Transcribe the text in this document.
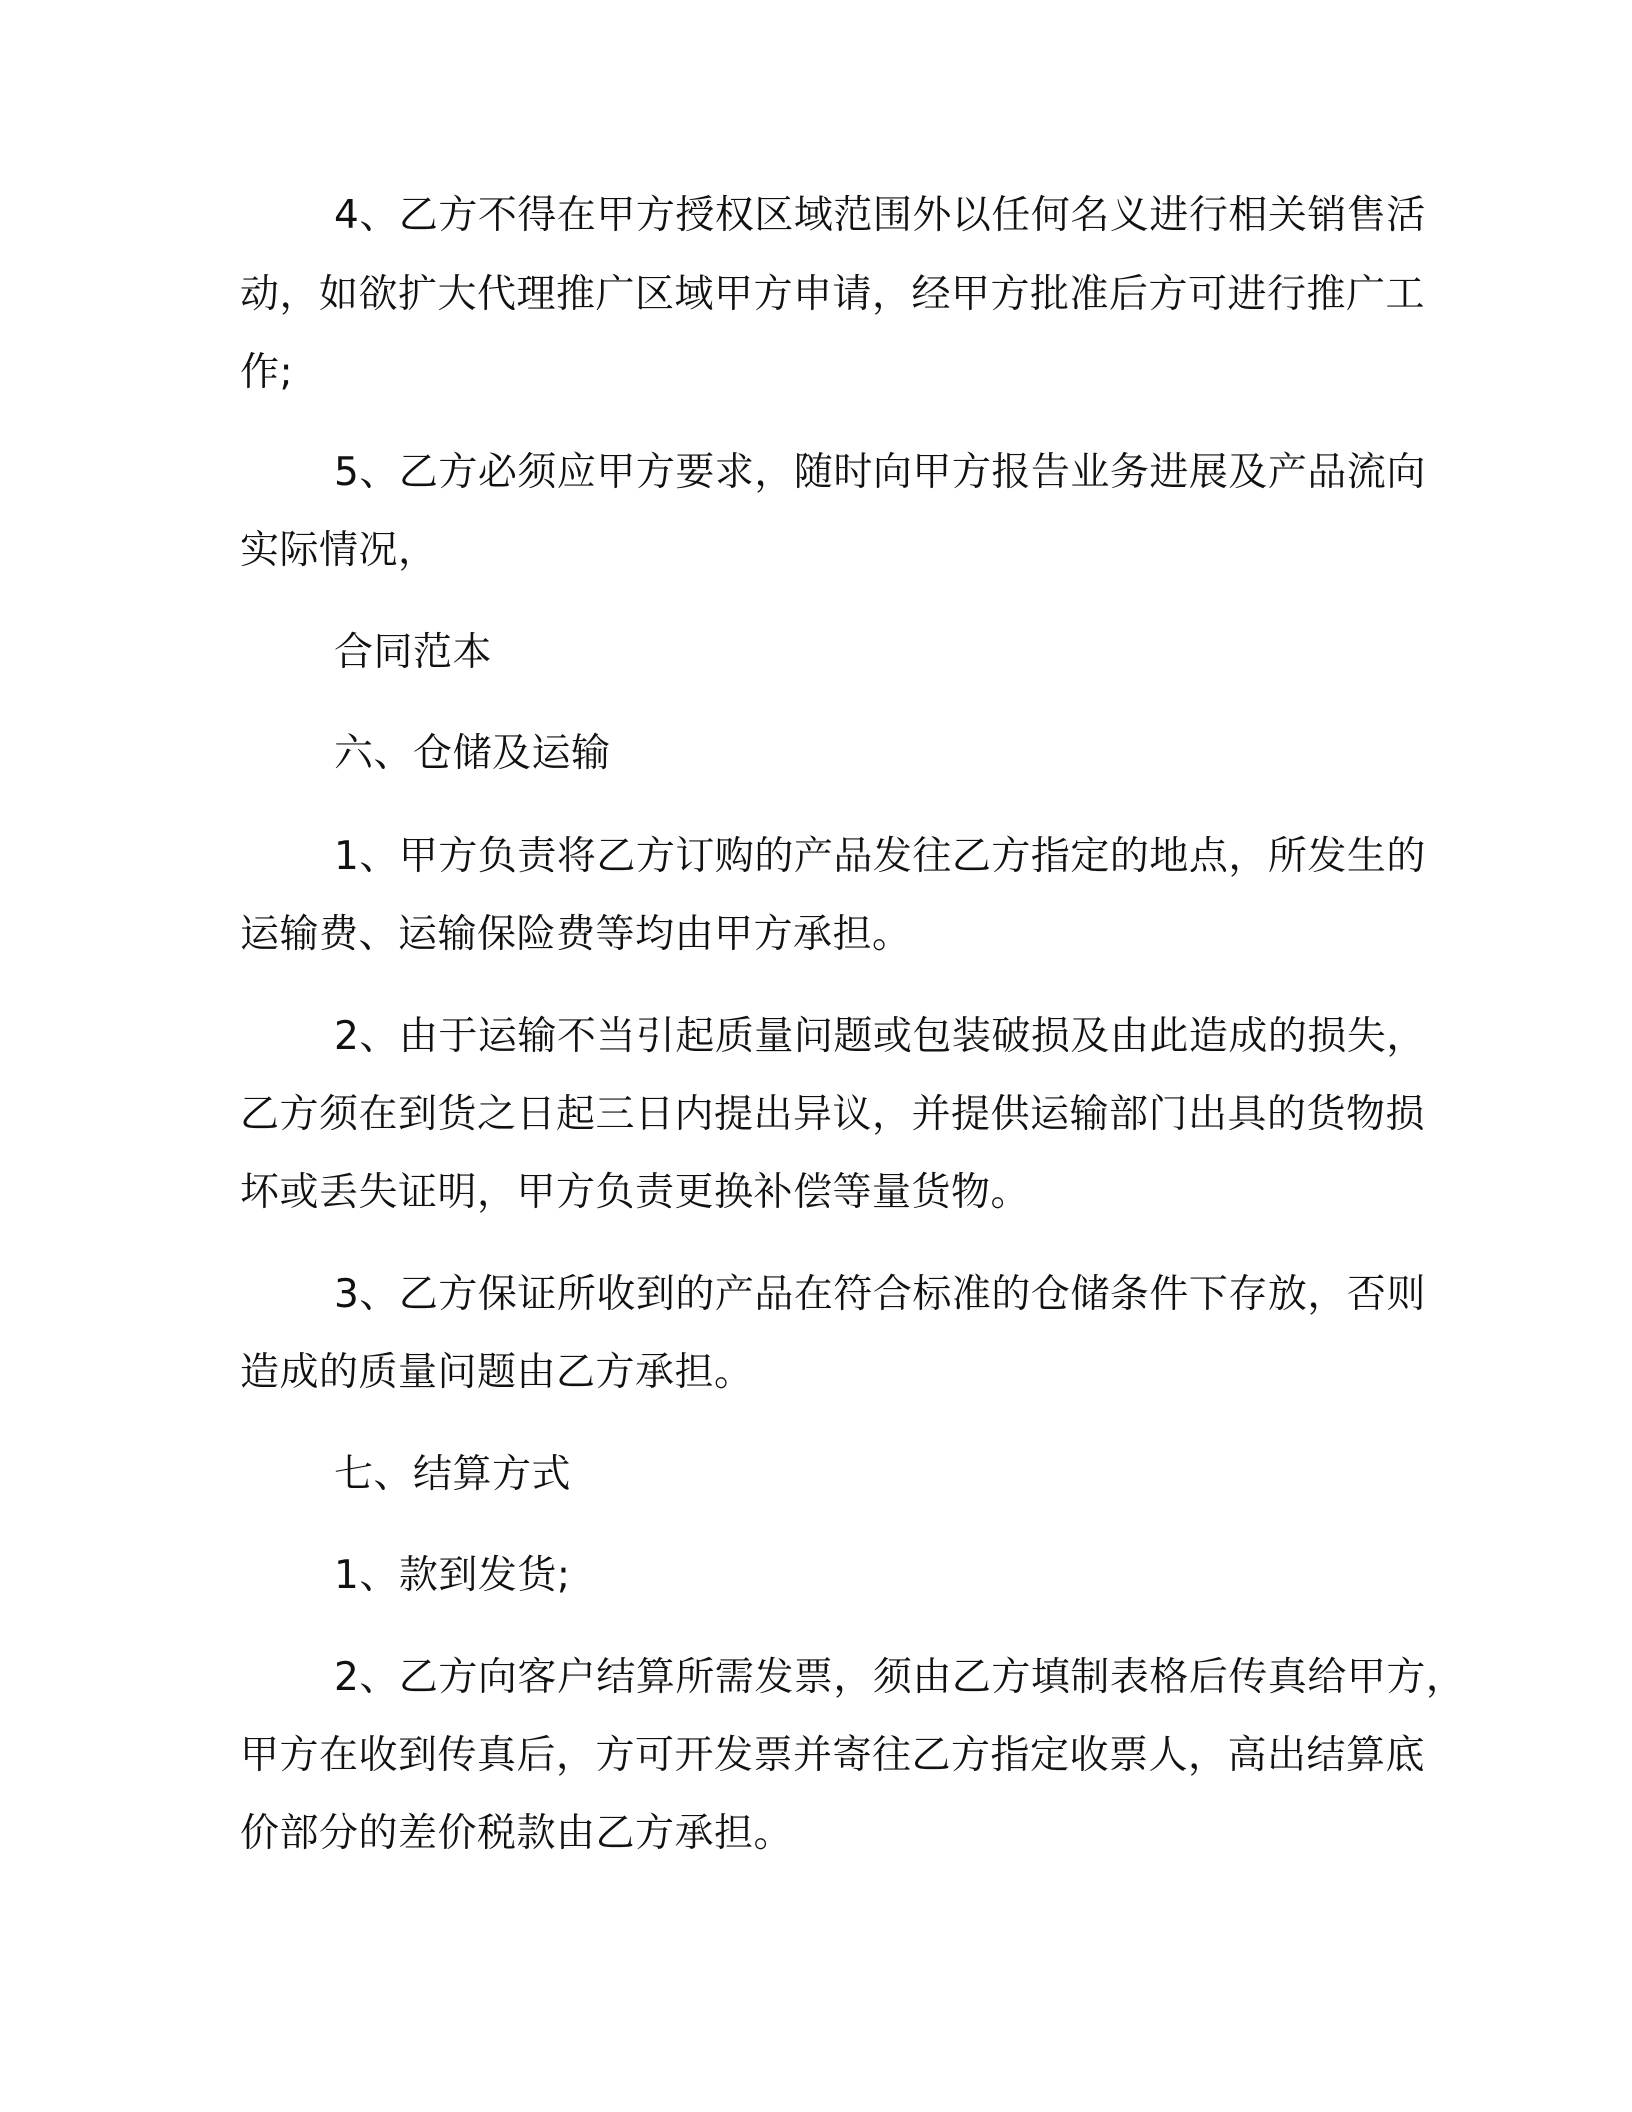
4、乙方不得在甲方授权区域范围外以任何名义进行相关销售活
动，如欲扩大代理推广区域甲方申请，经甲方批准后方可进行推广工
作;
5、乙方必须应甲方要求，随时向甲方报告业务进展及产品流向
实际情况，
合同范本
六、仓储及运输
1、甲方负责将乙方订购的产品发往乙方指定的地点，所发生的
运输费、运输保险费等均由甲方承担。
2、由于运输不当引起质量问题或包装破损及由此造成的损失，
乙方须在到货之日起三日内提出异议，并提供运输部门出具的货物损
坏或丢失证明，甲方负责更换补偿等量货物。
3、乙方保证所收到的产品在符合标准的仓储条件下存放，否则
造成的质量问题由乙方承担。
七、结算方式
1、款到发货;
2、乙方向客户结算所需发票，须由乙方填制表格后传真给甲方，
甲方在收到传真后，方可开发票并寄往乙方指定收票人，高出结算底
价部分的差价税款由乙方承担。
